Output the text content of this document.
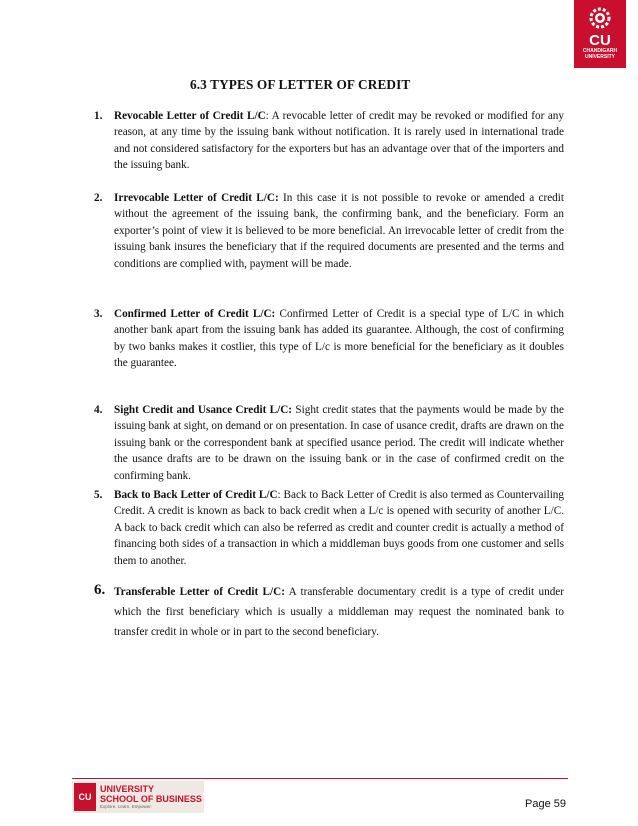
CU
CHANDIGARH UNIVERSITY
6.3 TYPES OF LETTER OF CREDIT
1. Revocable Letter of Credit L/C: A revocable letter of credit may be revoked or modified for any reason, at any time by the issuing bank without notification. It is rarely used in international trade and not considered satisfactory for the exporters but has an advantage over that of the importers and the issuing bank.
2. Irrevocable Letter of Credit L/C: In this case it is not possible to revoke or amended a credit without the agreement of the issuing bank, the confirming bank, and the beneficiary. Form an exporter’s point of view it is believed to be more beneficial. An irrevocable letter of credit from the issuing bank insures the beneficiary that if the required documents are presented and the terms and conditions are complied with, payment will be made.
3. Confirmed Letter of Credit L/C: Confirmed Letter of Credit is a special type of L/C in which another bank apart from the issuing bank has added its guarantee. Although, the cost of confirming by two banks makes it costlier, this type of L/c is more beneficial for the beneficiary as it doubles the guarantee.
4. Sight Credit and Usance Credit L/C: Sight credit states that the payments would be made by the issuing bank at sight, on demand or on presentation. In case of usance credit, drafts are drawn on the issuing bank or the correspondent bank at specified usance period. The credit will indicate whether the usance drafts are to be drawn on the issuing bank or in the case of confirmed credit on the confirming bank.
5. Back to Back Letter of Credit L/C: Back to Back Letter of Credit is also termed as Countervailing Credit. A credit is known as back to back credit when a L/c is opened with security of another L/C. A back to back credit which can also be referred as credit and counter credit is actually a method of financing both sides of a transaction in which a middleman buys goods from one customer and sells them to another.
6. Transferable Letter of Credit L/C: A transferable documentary credit is a type of credit under which the first beneficiary which is usually a middleman may request the nominated bank to transfer credit in whole or in part to the second beneficiary.
CU
UNIVERSITY
SCHOOL OF BUSINESS
Explore. Learn. Empower.	Page 59
